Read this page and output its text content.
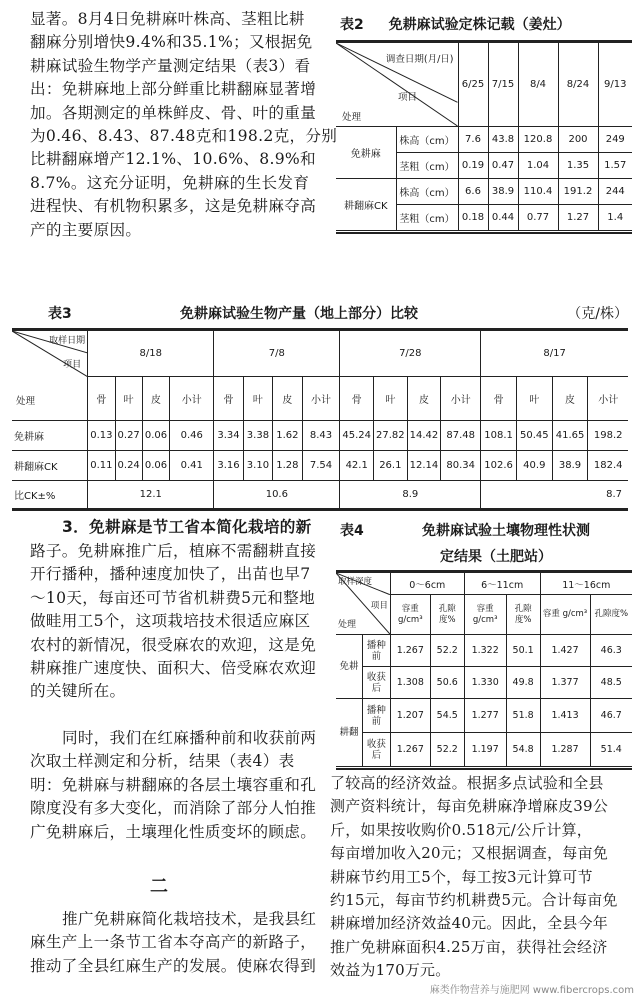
显著。8月4日免耕麻叶株高、茎粗比耕
翻麻分别增快9.4%和35.1%；又根据免
耕麻试验生物学产量测定结果（表3）看
出：免耕麻地上部分鲜重比耕翻麻显著增
加。各期测定的单株鲜皮、骨、叶的重量
为0.46、8.43、87.48克和198.2克，分别
比耕翻麻增产12.1%、10.6%、8.9%和
8.7%。这充分证明，免耕麻的生长发育
进程快、有机物积累多，这是免耕麻夺高
产的主要原因。
表2 免耕麻试验定株记载（姜灶）
调查日期(月/日)
项目
处理		6/25	7/15	8/4	8/24	9/13
免耕麻	株高（cm）	7.6	43.8	120.8	200	249
	茎粗（cm）	0.19	0.47	1.04	1.35	1.57
耕翻麻CK	株高（cm）	6.6	38.9	110.4	191.2	244
	茎粗（cm）	0.18	0.44	0.77	1.27	1.4
表3	免耕麻试验生物产量（地上部分）比较	（克/株）
取样日期
项目
处理	8/18				7/8				7/28				8/17			
	骨	叶	皮	小计	骨	叶	皮	小计	骨	叶	皮	小计	骨	叶	皮	小计
免耕麻	0.13	0.27	0.06	0.46	3.34	3.38	1.62	8.43	45.24	27.82	14.42	87.48	108.1	50.45	41.65	198.2
耕翻麻CK	0.11	0.24	0.06	0.41	3.16	3.10	1.28	7.54	42.1	26.1	12.14	80.34	102.6	40.9	38.9	182.4
比CK±%	12.1				10.6				8.9				8.7			
3．免耕麻是节工省本简化栽培的新
路子。免耕麻推广后，植麻不需翻耕直接
开行播种，播种速度加快了，出苗也早7
～10天，每亩还可节省机耕费5元和整地
做畦用工5个，这项栽培技术很适应麻区
农村的新情况，很受麻农的欢迎，这是免
耕麻推广速度快、面积大、倍受麻农欢迎
的关键所在。
同时，我们在红麻播种前和收获前两
次取土样测定和分析，结果（表4）表
明：免耕麻与耕翻麻的各层土壤容重和孔
隙度没有多大变化，而消除了部分人怕推
广免耕麻后，土壤理化性质变坏的顾虑。
二
推广免耕麻简化栽培技术，是我县红
麻生产上一条节工省本夺高产的新路子，
推动了全县红麻生产的发展。使麻农得到
表4	免耕麻试验土壤物理性状测
定结果（土肥站）
取样深度
项目
处理		0～6cm		6～11cm		11～16cm	
		容重 g/cm³	孔隙度%	容重 g/cm³	孔隙度%	容重 g/cm³	孔隙度%
免耕	播种前	1.267	52.2	1.322	50.1	1.427	46.3
	收获后	1.308	50.6	1.330	49.8	1.377	48.5
耕翻	播种前	1.207	54.5	1.277	51.8	1.413	46.7
	收获后	1.267	52.2	1.197	54.8	1.287	51.4
了较高的经济效益。根据多点试验和全县
测产资料统计，每亩免耕麻净增麻皮39公
斤，如果按收购价0.518元/公斤计算，
每亩增加收入20元；又根据调查，每亩免
耕麻节约用工5个，每工按3元计算可节
约15元，每亩节约机耕费5元。合计每亩免
耕麻增加经济效益40元。因此，全县今年
推广免耕麻面积4.25万亩，获得社会经济
效益为170万元。
麻类作物营养与施肥网 www.fibercrops.com
